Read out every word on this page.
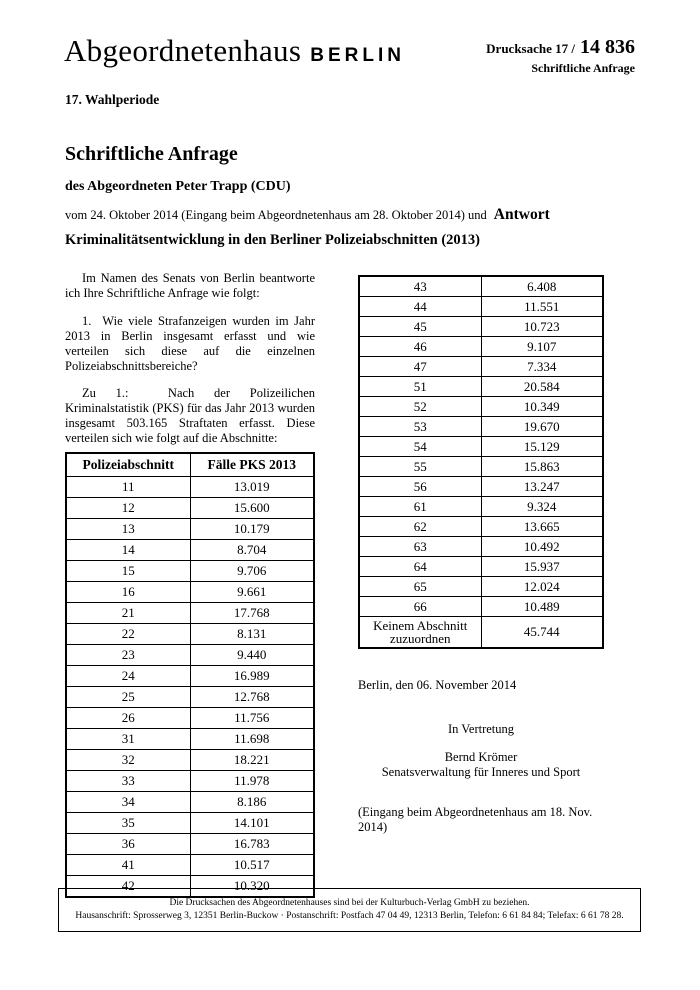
Abgeordnetenhaus BERLIN	Drucksache 17 / 14 836
Schriftliche Anfrage
17. Wahlperiode
Schriftliche Anfrage
des Abgeordneten Peter Trapp (CDU)
vom 24. Oktober 2014 (Eingang beim Abgeordnetenhaus am 28. Oktober 2014) und Antwort
Kriminalitätsentwicklung in den Berliner Polizeiabschnitten (2013)

Im Namen des Senats von Berlin beantworte ich Ihre Schriftliche Anfrage wie folgt:

1.  Wie viele Strafanzeigen wurden im Jahr 2013 in Berlin insgesamt erfasst und wie verteilen sich diese auf die einzelnen Polizeiabschnittsbereiche?

Zu 1.:  Nach der Polizeilichen Kriminalstatistik (PKS) für das Jahr 2013 wurden insgesamt 503.165 Straftaten erfasst. Diese verteilen sich wie folgt auf die Abschnitte:

Polizeiabschnitt	Fälle PKS 2013
11	13.019
12	15.600
13	10.179
14	8.704
15	9.706
16	9.661
21	17.768
22	8.131
23	9.440
24	16.989
25	12.768
26	11.756
31	11.698
32	18.221
33	11.978
34	8.186
35	14.101
36	16.783
41	10.517
42	10.320
43	6.408
44	11.551
45	10.723
46	9.107
47	7.334
51	20.584
52	10.349
53	19.670
54	15.129
55	15.863
56	13.247
61	9.324
62	13.665
63	10.492
64	15.937
65	12.024
66	10.489
Keinem Abschnitt zuzuordnen	45.744
Berlin, den 06. November 2014
In Vertretung
Bernd Krömer
Senatsverwaltung für Inneres und Sport
(Eingang beim Abgeordnetenhaus am 18. Nov. 2014)
Die Drucksachen des Abgeordnetenhauses sind bei der Kulturbuch-Verlag GmbH zu beziehen.
Hausanschrift: Sprosserweg 3, 12351 Berlin-Buckow · Postanschrift: Postfach 47 04 49, 12313 Berlin, Telefon: 6 61 84 84; Telefax: 6 61 78 28.
